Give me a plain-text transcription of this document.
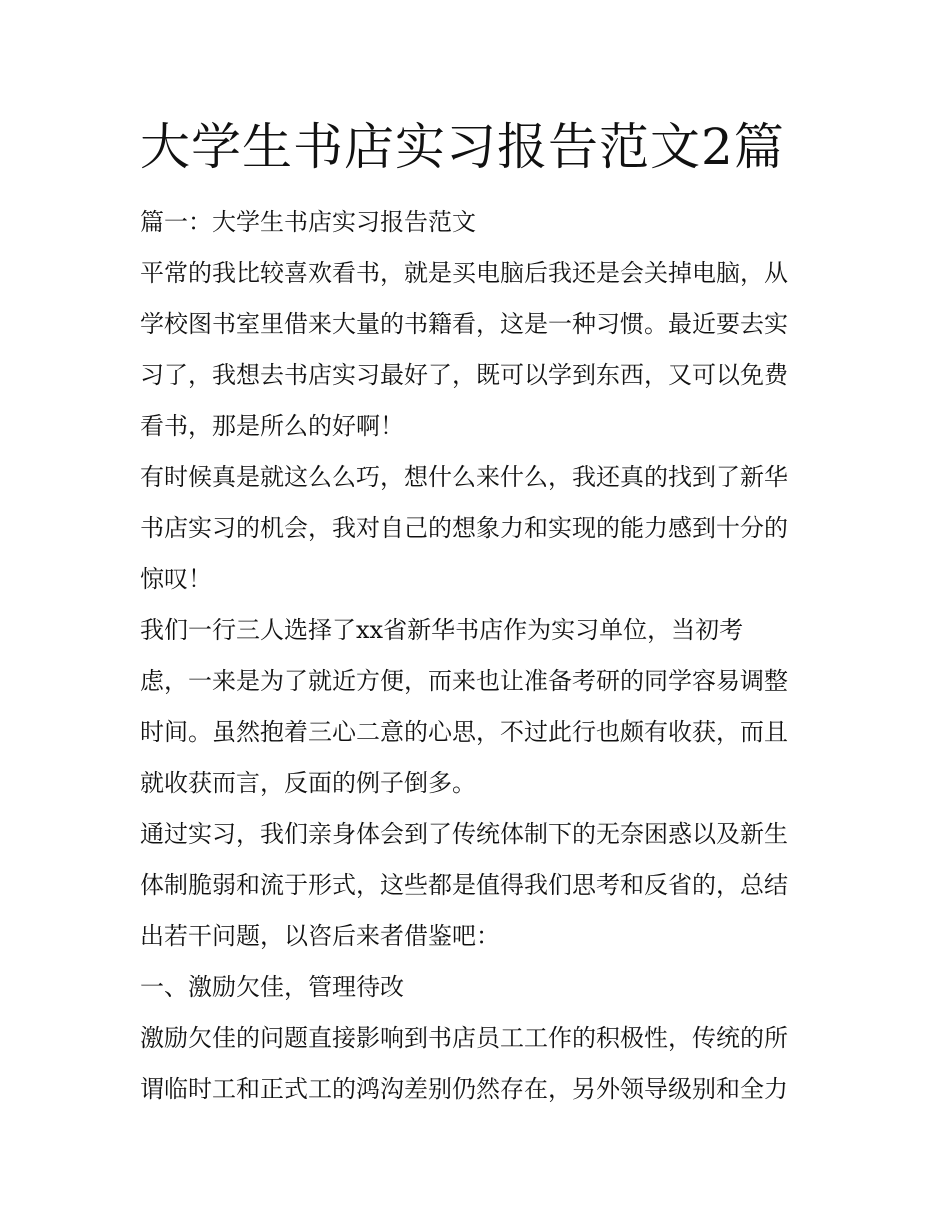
大学生书店实习报告范文2篇

篇一：大学生书店实习报告范文

平常的我比较喜欢看书，就是买电脑后我还是会关掉电脑，从

学校图书室里借来大量的书籍看，这是一种习惯。最近要去实

习了，我想去书店实习最好了，既可以学到东西，又可以免费

看书，那是所么的好啊！

有时候真是就这么么巧，想什么来什么，我还真的找到了新华

书店实习的机会，我对自己的想象力和实现的能力感到十分的

惊叹！

我们一行三人选择了xx省新华书店作为实习单位，当初考

虑，一来是为了就近方便，而来也让准备考研的同学容易调整

时间。虽然抱着三心二意的心思，不过此行也颇有收获，而且

就收获而言，反面的例子倒多。

通过实习，我们亲身体会到了传统体制下的无奈困惑以及新生

体制脆弱和流于形式，这些都是值得我们思考和反省的，总结

出若干问题，以咨后来者借鉴吧：

一、激励欠佳，管理待改

激励欠佳的问题直接影响到书店员工工作的积极性，传统的所

谓临时工和正式工的鸿沟差别仍然存在，另外领导级别和全力
